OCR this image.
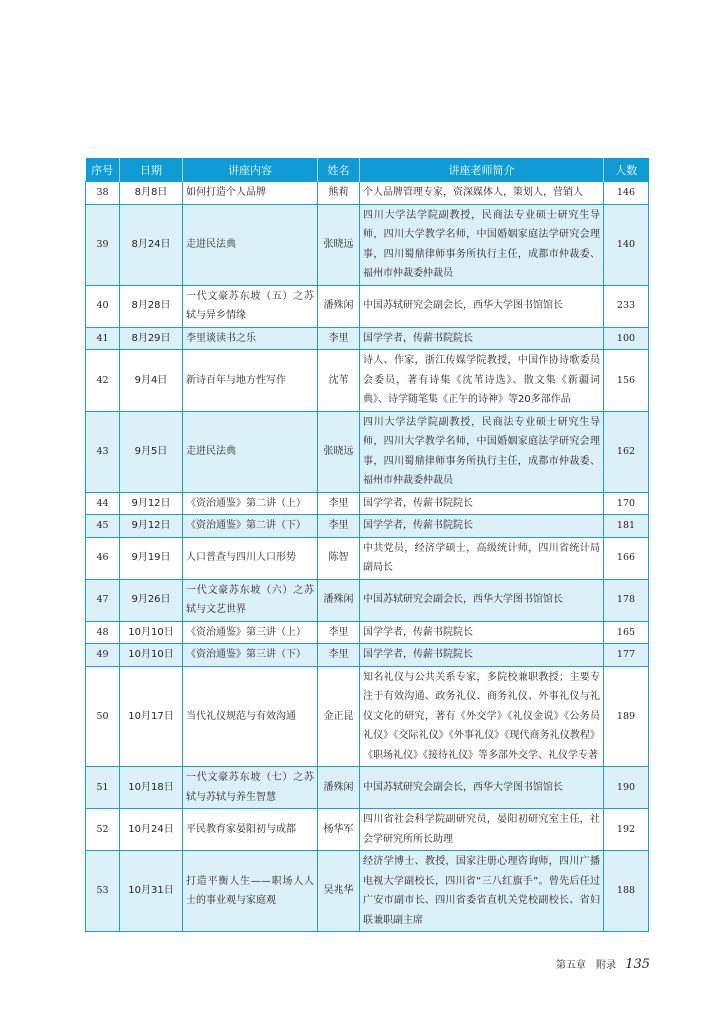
序号	日期	讲座内容	姓名	讲座老师简介	人数
38	8月8日	如何打造个人品牌	熊莉	个人品牌管理专家，资深媒体人，策划人，营销人	146
39	8月24日	走进民法典	张晓远	四川大学法学院副教授，民商法专业硕士研究生导师，四川大学教学名师，中国婚姻家庭法学研究会理事，四川蜀鼎律师事务所执行主任，成都市仲裁委、福州市仲裁委仲裁员	140
40	8月28日	一代文豪苏东坡（五）之苏轼与异乡情缘	潘殊闲	中国苏轼研究会副会长，西华大学图书馆馆长	233
41	8月29日	李里谈读书之乐	李里	国学学者，传薪书院院长	100
42	9月4日	新诗百年与地方性写作	沈苇	诗人、作家，浙江传媒学院教授，中国作协诗歌委员会委员，著有诗集《沈苇诗选》、散文集《新疆词典》、诗学随笔集《正午的诗神》等20多部作品	156
43	9月5日	走进民法典	张晓远	四川大学法学院副教授，民商法专业硕士研究生导师，四川大学教学名师，中国婚姻家庭法学研究会理事，四川蜀鼎律师事务所执行主任，成都市仲裁委、福州市仲裁委仲裁员	162
44	9月12日	《资治通鉴》第二讲（上）	李里	国学学者，传薪书院院长	170
45	9月12日	《资治通鉴》第二讲（下）	李里	国学学者，传薪书院院长	181
46	9月19日	人口普查与四川人口形势	陈智	中共党员，经济学硕士，高级统计师，四川省统计局副局长	166
47	9月26日	一代文豪苏东坡（六）之苏轼与文艺世界	潘殊闲	中国苏轼研究会副会长，西华大学图书馆馆长	178
48	10月10日	《资治通鉴》第三讲（上）	李里	国学学者，传薪书院院长	165
49	10月10日	《资治通鉴》第三讲（下）	李里	国学学者，传薪书院院长	177
50	10月17日	当代礼仪规范与有效沟通	金正昆	知名礼仪与公共关系专家，多院校兼职教授；主要专注于有效沟通、政务礼仪、商务礼仪、外事礼仪与礼仪文化的研究，著有《外交学》《礼仪金说》《公务员礼仪》《交际礼仪》《外事礼仪》《现代商务礼仪教程》《职场礼仪》《接待礼仪》等多部外交学、礼仪学专著	189
51	10月18日	一代文豪苏东坡（七）之苏轼与苏轼与养生智慧	潘殊闲	中国苏轼研究会副会长，西华大学图书馆馆长	190
52	10月24日	平民教育家晏阳初与成都	杨华军	四川省社会科学院副研究员，晏阳初研究室主任，社会学研究所所长助理	192
53	10月31日	打造平衡人生——职场人人士的事业观与家庭观	吴兆华	经济学博士、教授，国家注册心理咨询师，四川广播电视大学副校长，四川省“三八红旗手”。曾先后任过广安市副市长、四川省委省直机关党校副校长、省妇联兼职副主席	188
第五章　附录 135
